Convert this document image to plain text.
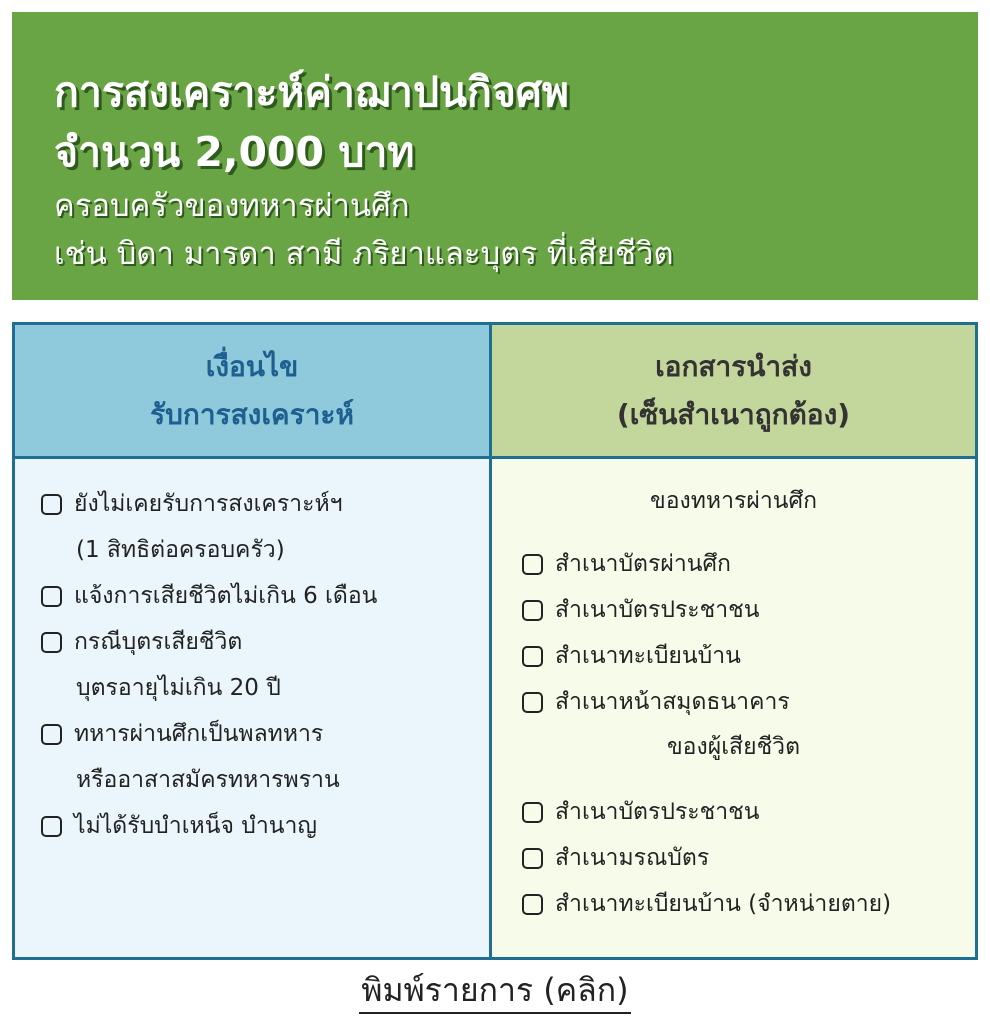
การสงเคราะห์ค่าฌาปนกิจศพ
จำนวน 2,000 บาท
ครอบครัวของทหารผ่านศึก
เช่น บิดา มารดา สามี ภริยาและบุตร ที่เสียชีวิต
เงื่อนไข
รับการสงเคราะห์
เอกสารนำส่ง
(เซ็นสำเนาถูกต้อง)
ยังไม่เคยรับการสงเคราะห์ฯ
(1 สิทธิต่อครอบครัว)
แจ้งการเสียชีวิตไม่เกิน 6 เดือน
กรณีบุตรเสียชีวิต
บุตรอายุไม่เกิน 20 ปี
ทหารผ่านศึกเป็นพลทหาร
หรืออาสาสมัครทหารพราน
ไม่ได้รับบำเหน็จ บำนาญ
ของทหารผ่านศึก
สำเนาบัตรผ่านศึก
สำเนาบัตรประชาชน
สำเนาทะเบียนบ้าน
สำเนาหน้าสมุดธนาคาร
ของผู้เสียชีวิต
สำเนาบัตรประชาชน
สำเนามรณบัตร
สำเนาทะเบียนบ้าน (จำหน่ายตาย)
พิมพ์รายการ (คลิก)
